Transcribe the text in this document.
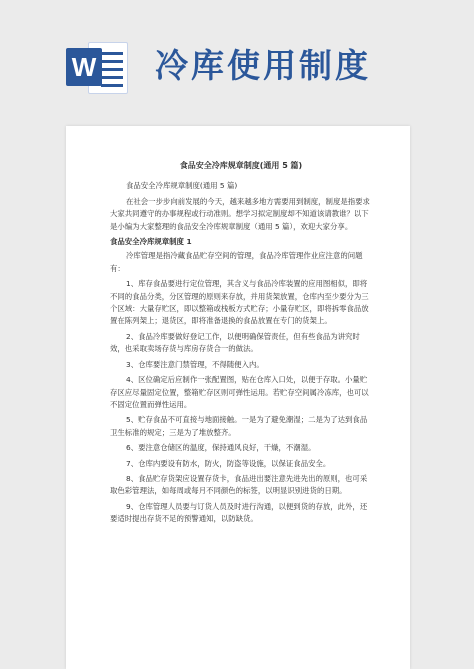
W 冷库使用制度

食品安全冷库规章制度(通用 5 篇)

食品安全冷库规章制度(通用 5 篇)

在社会一步步向前发展的今天，越来越多地方需要用到制度，制度是指要求大家共同遵守的办事规程或行动准则。想学习拟定制度却不知道该请教谁？以下是小编为大家整理的食品安全冷库规章制度（通用 5 篇），欢迎大家分享。

食品安全冷库规章制度 1

冷库管理是指冷藏食品贮存空间的管理，食品冷库管理作业应注意的问题有：

1、库存食品要进行定位管理，其含义与食品冷库装置的应用图相似，即将不同的食品分类，分区管理的原则来存放，并用货架放置，仓库内至少要分为三个区域：大量存贮区，即以整箱或栈板方式贮存；小量存贮区，即将拆零食品放置在陈列架上；退货区，即将准备退换的食品放置在专门的货架上。

2、食品冷库要做好登记工作，以便明确保管责任，但有些食品为讲究时效，也采取卖场存货与库房存货合一的做法。

3、仓库要注意门禁管理，不得随便入内。

4、区位确定后应制作一张配置图，贴在仓库入口处，以便于存取。小量贮存区应尽量固定位置，整箱贮存区则可弹性运用。若贮存空间属冷冻库，也可以不固定位置而弹性运用。

5、贮存食品不可直接与地面接触。一是为了避免潮湿；二是为了达到食品卫生标准的规定；三是为了堆放整齐。

6、要注意仓储区的温度，保持通风良好，干燥，不潮湿。

7、仓库内要设有防水，防火，防盗等设施，以保证食品安全。

8、食品贮存货架应设置存货卡，食品进出要注意先进先出的原则，也可采取色彩管理法，如每周或每月不同颜色的标签，以明显识别进货的日期。

9、仓库管理人员要与订货人员及时进行沟通，以便到货的存放，此外，还要适时提出存货不足的预警通知，以防缺货。
